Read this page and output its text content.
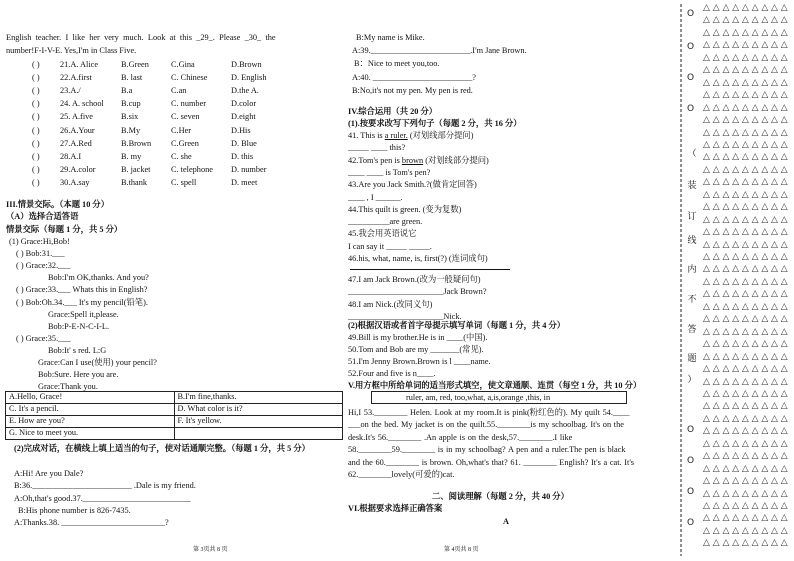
English teacher. I like her very much. Look at this _29_. Please _30_ the
number!F-I-V-E. Yes,I'm in Class Five.
( ) 21.A. Alice	B.Green	C.Gina	D.Brown
( ) 22.A.first	B. last	C. Chinese	D. English
( ) 23.A./	B.a	C.an	D.the A.
( ) 24. A. school B.cup	C. number	D.color
( ) 25. A.five	B.six	C. seven	D.eight
( ) 26.A.Your	B.My	C.Her	D.His
( ) 27.A.Red	B.Brown C.Green	D. Blue
( ) 28.A.I	B. my	C. she	D. this
( ) 29.A.color	B. jacket C. telephone D. number
( ) 30.A.say	B.thank	C. spell	D. meet
III.情景交际。（本题 10 分）
（A）选择合适答语
情景交际（每题 1 分，共 5 分）
(1) Grace:Hi,Bob!
( ) Bob:31.___
( ) Grace:32.___
Bob:I'm OK,thanks. And you?
( ) Grace:33.___ Whats this in English?
( ) Bob:Oh.34.___ It's my pencil(铅笔).
Grace:Spell it,please.
Bob:P-E-N-C-I-L.
( ) Grace:35.___
Bob:It' s red. L:G
Grace:Can I use(使用) your pencil?
Bob:Sure. Here you are.
Grace:Thank you.
A.Hello, Grace!	B.I'm fine,thanks.
C. It's a pencil.	D. What color is it?
E. How are you?	F. It's yellow.
G. Nice to meet you.	
(2)完成对话，在横线上填上适当的句子，使对话通顺完整。（每题 1 分，共 5 分）
A:Hi! Are you Dale?
B:36.________________________ .Dale is my friend.
A:Oh,that's good.37.__________________________
B:His phone number is 826-7435.
A:Thanks.38. _________________________?
第 3页共 8 页
B:My name is Mike.
A:39.________________________.I'm Jane Brown.
B：Nice to meet you,too.
A:40. ________________________?
B:No,it's not my pen. My pen is red.
IV.综合运用（共 20 分）
(1).按要求改写下列句子（每题 2 分，共 16 分）
41. This is a ruler. (对划线部分提问)
_____ ____ this?
42.Tom's pen is brown (对划线部分提问)
____ ____ is Tom's pen?
43.Are you Jack Smith.?(做肯定回答)
____ , I ______.
44.This quilt is green. (变为复数)
__________are green.
45.我会用英语说它
I can say it _____ _____.
46.his, what, name, is, first(?) (连词成句)
47.I am Jack Brown.(改为一般疑问句)
_______________________Jack Brown?
48.I am Nick.(改同义句)
_______________________Nick.
(2)根据汉语或者首字母提示填写单词（每题 1 分，共 4 分）
49.Bill is my brother.He is in ____(中国).
50.Tom and Bob are my _______(常见).
51.I'm Jenny Brown.Brown is l ____name.
52.Four and five is n____.
V.用方框中所给单词的适当形式填空，使文章通顺、连贯（每空 1 分，共 10 分）
ruler, am, red, too,what, a,is,orange ,this, in
Hi,I 53.________ Helen. Look at my room.It is pink(粉红色的). My quilt 54.____
___on the bed. My jacket is on the quilt.55.________is my schoolbag. It's on the
desk.It's 56.________ .An apple is on the desk,57.________.I like
58.________59.________ is in my schoolbag? A pen and a ruler.The pen is black
and the 60.________ is brown. Oh,what's that? 61. ________ English? It's a cat. It's
62.________lovely(可爱的)cat.
二、阅读理解（每题 2 分，共 40 分）
VI.根据要求选择正确答案
A
第 4页共 8 页
O
O
O
O
O
O
O
O
（
装
订
线
内
不
答
题
）
△△△△△△△△△
△△△△△△△△△
△△△△△△△△△
△△△△△△△△△
△△△△△△△△△
△△△△△△△△△
△△△△△△△△△
△△△△△△△△△
△△△△△△△△△
△△△△△△△△△
△△△△△△△△△
△△△△△△△△△
△△△△△△△△△
△△△△△△△△△
△△△△△△△△△
△△△△△△△△△
△△△△△△△△△
△△△△△△△△△
△△△△△△△△△
△△△△△△△△△
△△△△△△△△△
△△△△△△△△△
△△△△△△△△△
△△△△△△△△△
△△△△△△△△△
△△△△△△△△△
△△△△△△△△△
△△△△△△△△△
△△△△△△△△△
△△△△△△△△△
△△△△△△△△△
△△△△△△△△△
△△△△△△△△△
△△△△△△△△△
△△△△△△△△△
△△△△△△△△△
△△△△△△△△△
△△△△△△△△△
△△△△△△△△△
△△△△△△△△△
△△△△△△△△△
△△△△△△△△△
△△△△△△△△△
△△△△△△△△△
